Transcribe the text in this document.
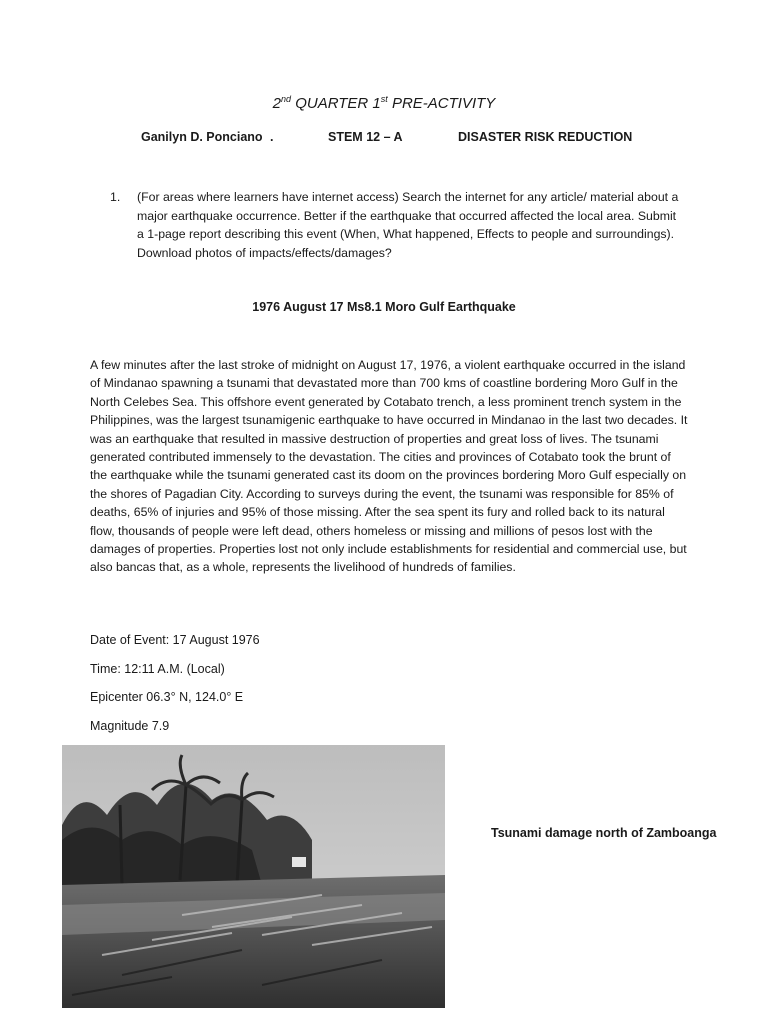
2nd QUARTER 1st PRE-ACTIVITY
Ganilyn D. Ponciano .	STEM 12 – A	DISASTER RISK REDUCTION
1. (For areas where learners have internet access) Search the internet for any article/ material about a major earthquake occurrence. Better if the earthquake that occurred affected the local area. Submit a 1-page report describing this event (When, What happened, Effects to people and surroundings). Download photos of impacts/effects/damages?
1976 August 17 Ms8.1 Moro Gulf Earthquake
A few minutes after the last stroke of midnight on August 17, 1976, a violent earthquake occurred in the island of Mindanao spawning a tsunami that devastated more than 700 kms of coastline bordering Moro Gulf in the North Celebes Sea. This offshore event generated by Cotabato trench, a less prominent trench system in the Philippines, was the largest tsunamigenic earthquake to have occurred in Mindanao in the last two decades. It was an earthquake that resulted in massive destruction of properties and great loss of lives. The tsunami generated contributed immensely to the devastation. The cities and provinces of Cotabato took the brunt of the earthquake while the tsunami generated cast its doom on the provinces bordering Moro Gulf especially on the shores of Pagadian City. According to surveys during the event, the tsunami was responsible for 85% of deaths, 65% of injuries and 95% of those missing. After the sea spent its fury and rolled back to its natural flow, thousands of people were left dead, others homeless or missing and millions of pesos lost with the damages of properties. Properties lost not only include establishments for residential and commercial use, but also bancas that, as a whole, represents the livelihood of hundreds of families.
Date of Event: 17 August 1976
Time: 12:11 A.M. (Local)
Epicenter 06.3° N, 124.0° E
Magnitude 7.9
Tsunami damage north of Zamboanga
